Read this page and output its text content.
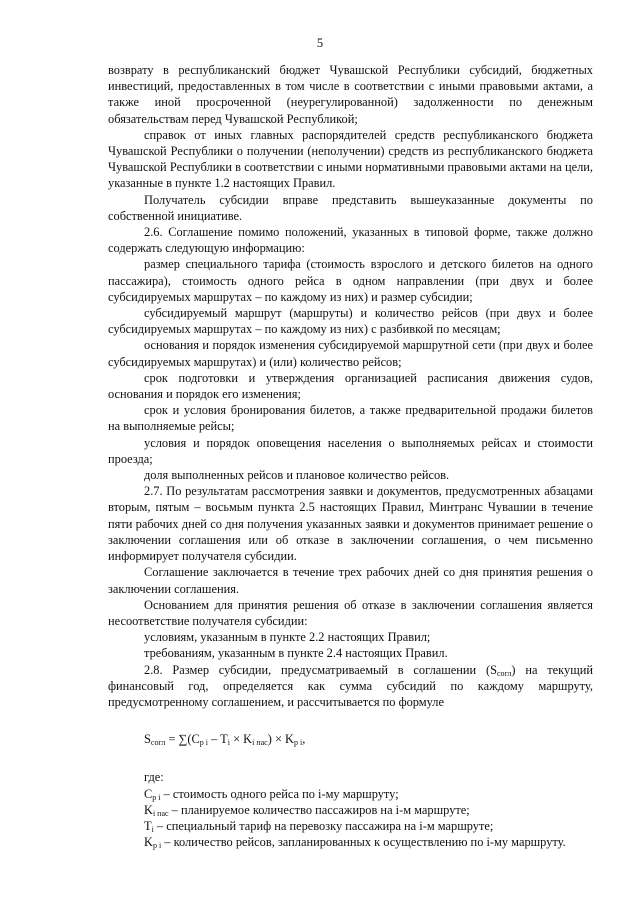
5

возврату в республиканский бюджет Чувашской Республики субсидий, бюджетных инвестиций, предоставленных в том числе в соответствии с иными правовыми актами, а также иной просроченной (неурегулированной) задолженности по денежным обязательствам перед Чувашской Республикой;

справок от иных главных распорядителей средств республиканского бюджета Чувашской Республики о получении (неполучении) средств из республиканского бюджета Чувашской Республики в соответствии с иными нормативными правовыми актами на цели, указанные в пункте 1.2 настоящих Правил.

Получатель субсидии вправе представить вышеуказанные документы по собственной инициативе.

2.6. Соглашение помимо положений, указанных в типовой форме, также должно содержать следующую информацию:

размер специального тарифа (стоимость взрослого и детского билетов на одного пассажира), стоимость одного рейса в одном направлении (при двух и более субсидируемых маршрутах – по каждому из них) и размер субсидии;

субсидируемый маршрут (маршруты) и количество рейсов (при двух и более субсидируемых маршрутах – по каждому из них) с разбивкой по месяцам;

основания и порядок изменения субсидируемой маршрутной сети (при двух и более субсидируемых маршрутах) и (или) количество рейсов;

срок подготовки и утверждения организацией расписания движения судов, основания и порядок его изменения;

срок и условия бронирования билетов, а также предварительной продажи билетов на выполняемые рейсы;

условия и порядок оповещения населения о выполняемых рейсах и стоимости проезда;

доля выполненных рейсов и плановое количество рейсов.

2.7. По результатам рассмотрения заявки и документов, предусмотренных абзацами вторым, пятым – восьмым пункта 2.5 настоящих Правил, Минтранс Чувашии в течение пяти рабочих дней со дня получения указанных заявки и документов принимает решение о заключении соглашения или об отказе в заключении соглашения, о чем письменно информирует получателя субсидии.

Соглашение заключается в течение трех рабочих дней со дня принятия решения о заключении соглашения.

Основанием для принятия решения об отказе в заключении соглашения является несоответствие получателя субсидии:

условиям, указанным в пункте 2.2 настоящих Правил;

требованиям, указанным в пункте 2.4 настоящих Правил.

2.8. Размер субсидии, предусматриваемый в соглашении $(S_{согл})$ на текущий финансовый год, определяется как сумма субсидий по каждому маршруту, предусмотренному соглашением, и рассчитывается по формуле

$S_{согл} = \sum(C_{р i} - T_i \times K_{i пас}) \times K_{р i}$,

где:

$C_{р i}$ – стоимость одного рейса по i-му маршруту;

$K_{i пас}$ – планируемое количество пассажиров на i-м маршруте;

$T_i$ – специальный тариф на перевозку пассажира на i-м маршруте;

$K_{р i}$ – количество рейсов, запланированных к осуществлению по i-му маршруту.
